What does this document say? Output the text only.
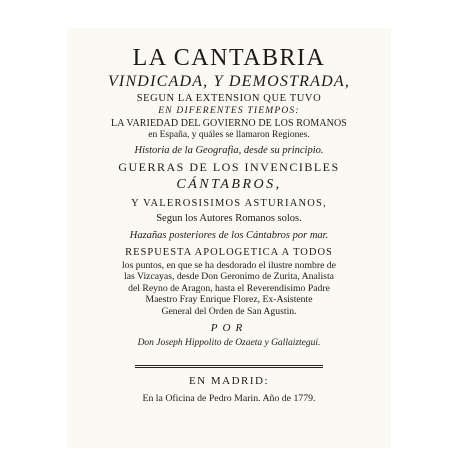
LA CANTABRIA
VINDICADA, Y DEMOSTRADA,
SEGUN LA EXTENSION QUE TUVO
EN DIFERENTES TIEMPOS:
LA VARIEDAD DEL GOVIERNO DE LOS ROMANOS
en España, y quáles se llamaron Regiones.
Historia de la Geografia, desde su principio.
GUERRAS DE LOS INVENCIBLES
CÁNTABROS,
Y VALEROSISIMOS ASTURIANOS,
Segun los Autores Romanos solos.
Hazañas posteriores de los Cántabros por mar.
RESPUESTA APOLOGETICA A TODOS
los puntos, en que se ha desdorado el ilustre nombre de
las Vizcayas, desde Don Geronimo de Zurita, Analista
del Reyno de Aragon, hasta el Reverendisimo Padre
Maestro Fray Enrique Florez, Ex-Asistente
General del Orden de San Agustin.
POR
Don Joseph Hippolito de Ozaeta y Gallaiztegui.
EN MADRID:
En la Oficina de Pedro Marin. Año de 1779.
